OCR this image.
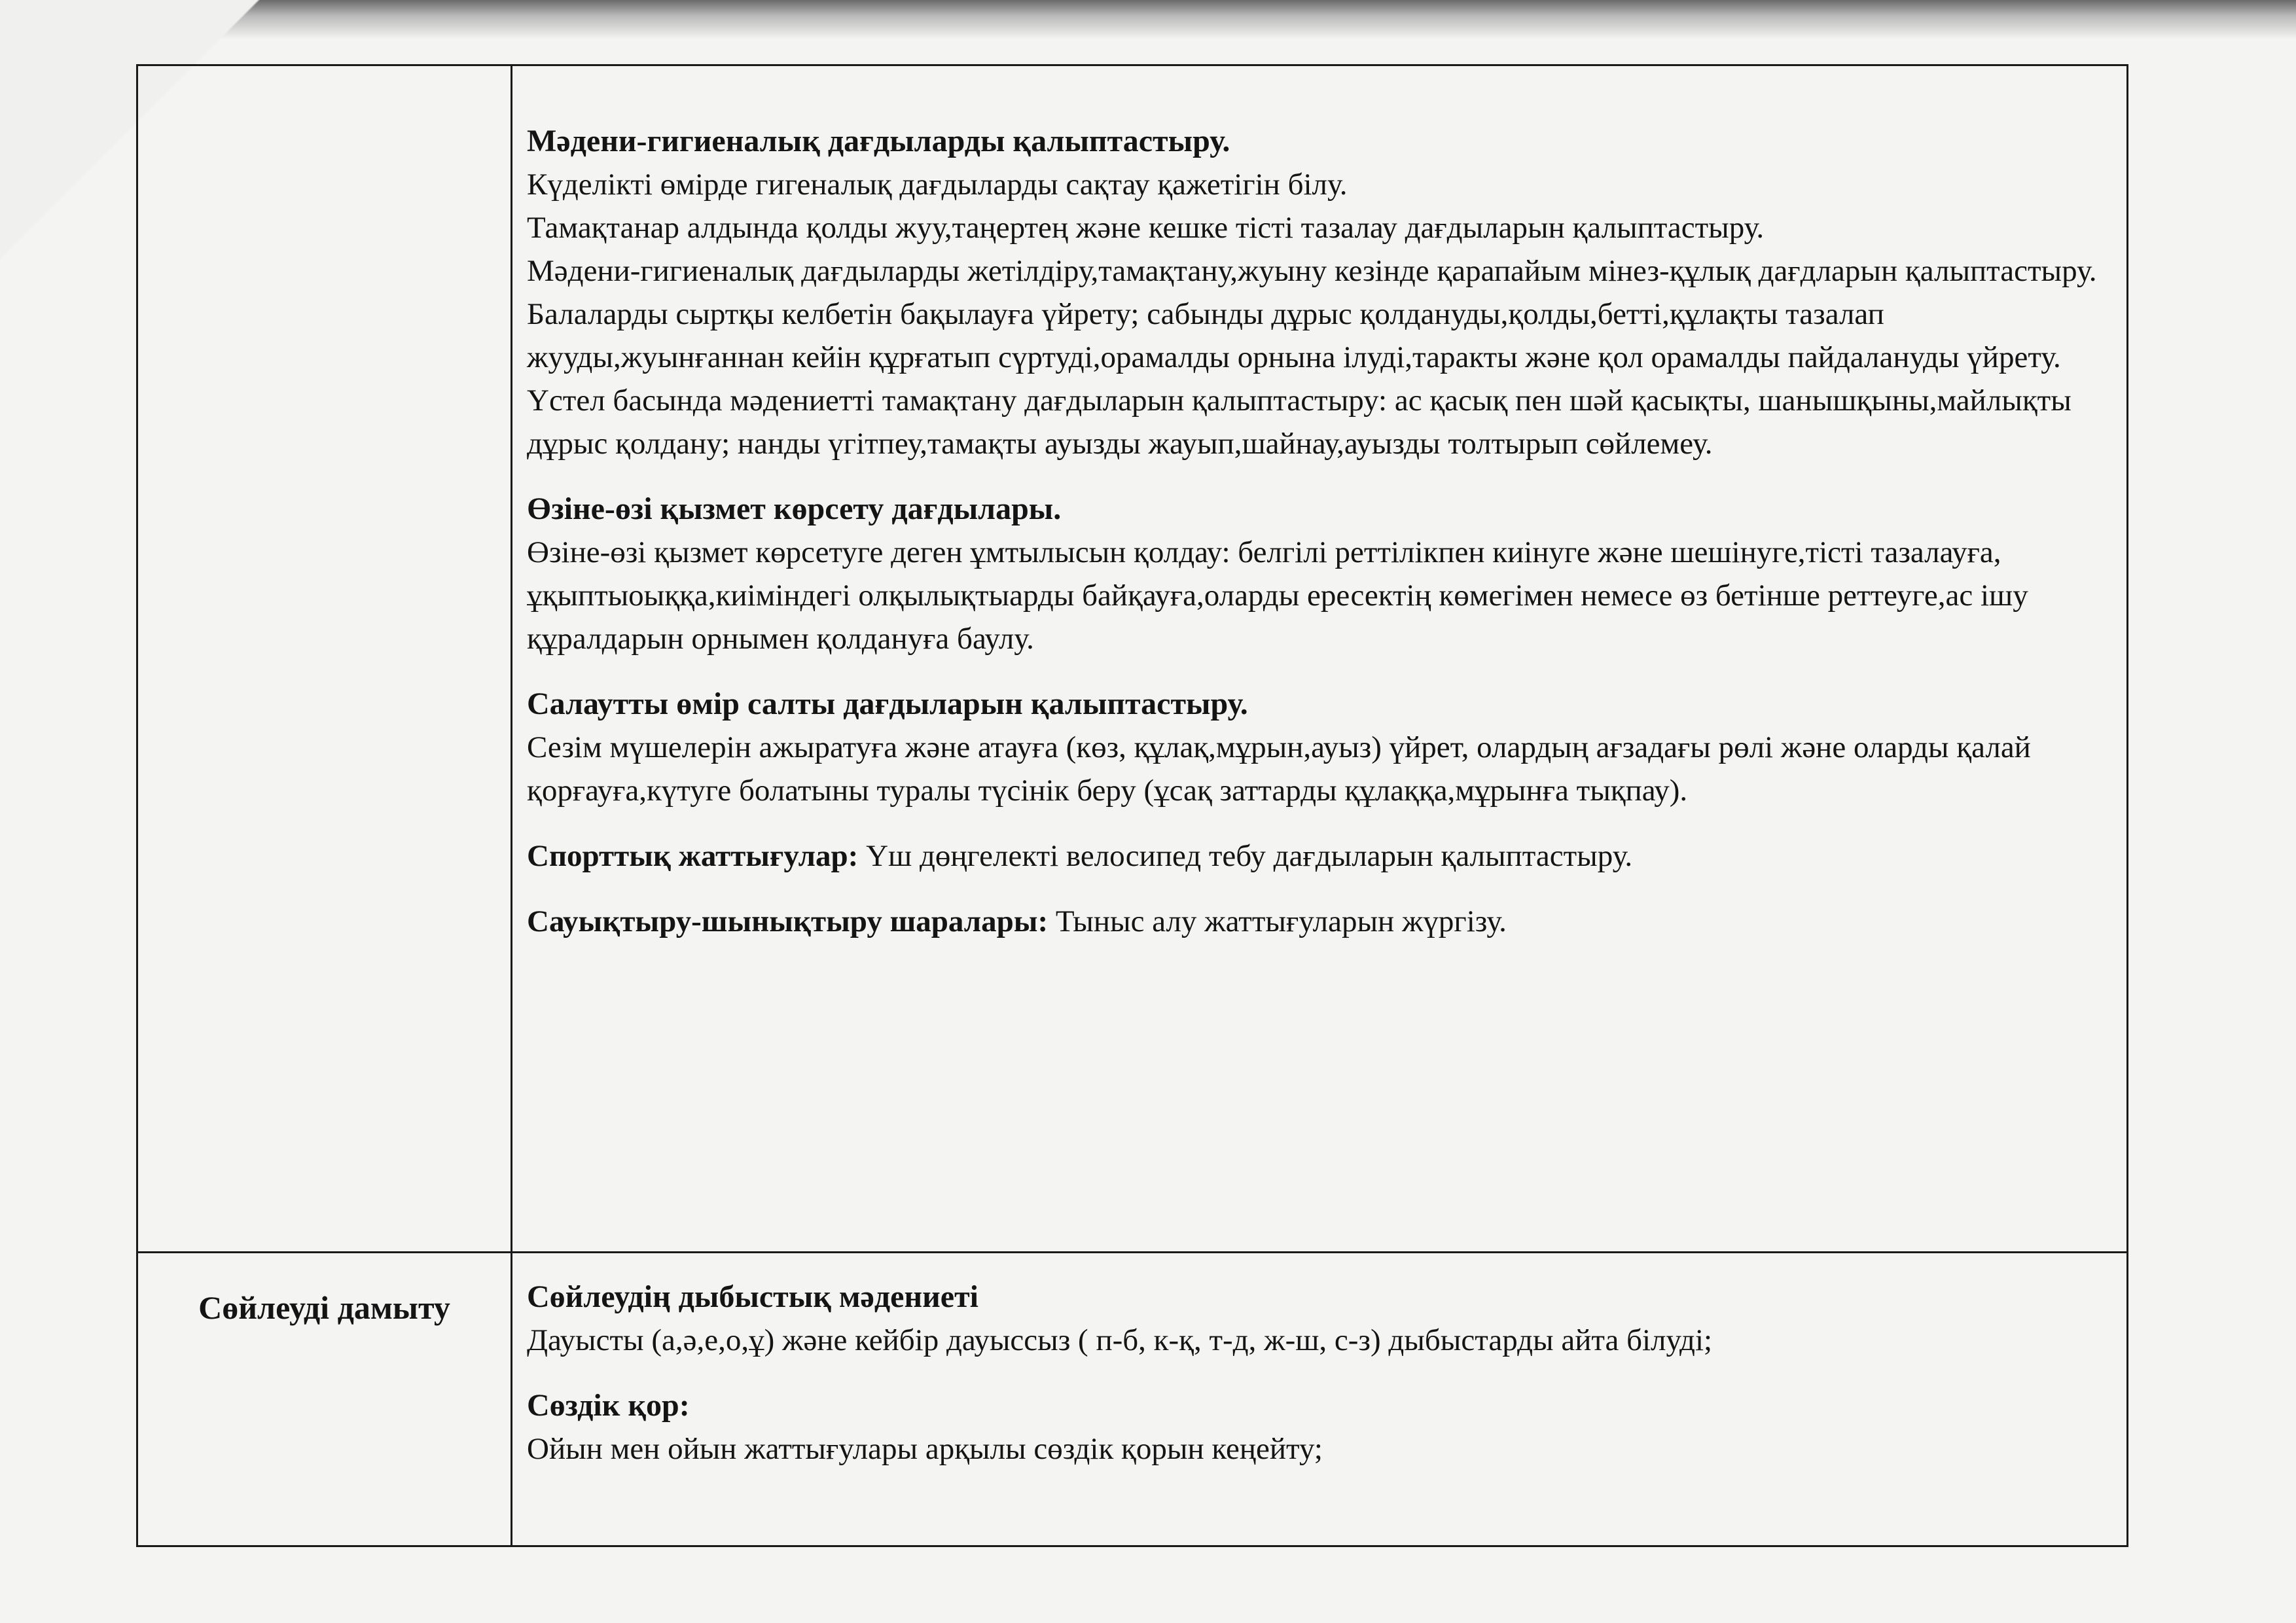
Мәдени-гигиеналық дағдыларды қалыптастыру.
Күделікті өмірде гигеналық дағдыларды сақтау қажетігін білу.
Тамақтанар алдында қолды жуу,таңертең және кешке тісті тазалау дағдыларын қалыптастыру.
Мәдени-гигиеналық дағдыларды жетілдіру,тамақтану,жуыну кезінде қарапайым мінез-құлық дағдларын қалыптастыру.
Балаларды сыртқы келбетін бақылауға үйрету; сабынды дұрыс қолдануды,қолды,бетті,құлақты тазалап жууды,жуынғаннан кейін құрғатып сүртуді,орамалды орнына ілуді,таракты және қол орамалды пайдалануды үйрету.
Үстел басында мәдениетті тамақтану дағдыларын қалыптастыру: ас қасық пен шәй қасықты, шанышқыны,майлықты дұрыс қолдану; нанды үгітпеу,тамақты ауызды жауып,шайнау,ауызды толтырып сөйлемеу.
Өзіне-өзі қызмет көрсету дағдылары.
Өзіне-өзі қызмет көрсетуге деген ұмтылысын қолдау: белгілі реттілікпен киінуге және шешінуге,тісті тазалауға, ұқыптыоыққа,киіміндегі олқылықтыарды байқауға,оларды ересектің көмегімен немесе өз бетінше реттеуге,ас ішу құралдарын орнымен қолдануға баулу.
Салаутты өмір салты дағдыларын қалыптастыру.
Сезім мүшелерін ажыратуға және атауға (көз, құлақ,мұрын,ауыз) үйрет, олардың ағзадағы рөлі және оларды қалай қорғауға,күтуге болатыны туралы түсінік беру (ұсақ заттарды құлаққа,мұрынға тықпау).
Спорттық жаттығулар: Үш дөңгелекті велосипед тебу дағдыларын қалыптастыру.
Сауықтыру-шынықтыру шаралары: Тыныс алу жаттығуларын жүргізу.
Сөйлеуді дамыту	Сөйлеудің дыбыстық мәдениеті
Дауысты (а,ә,е,о,ұ) және кейбір дауыссыз ( п-б, к-қ, т-д, ж-ш, с-з) дыбыстарды айта білуді;
Сөздік қор:
Ойын мен ойын жаттығулары арқылы сөздік қорын кеңейту;
